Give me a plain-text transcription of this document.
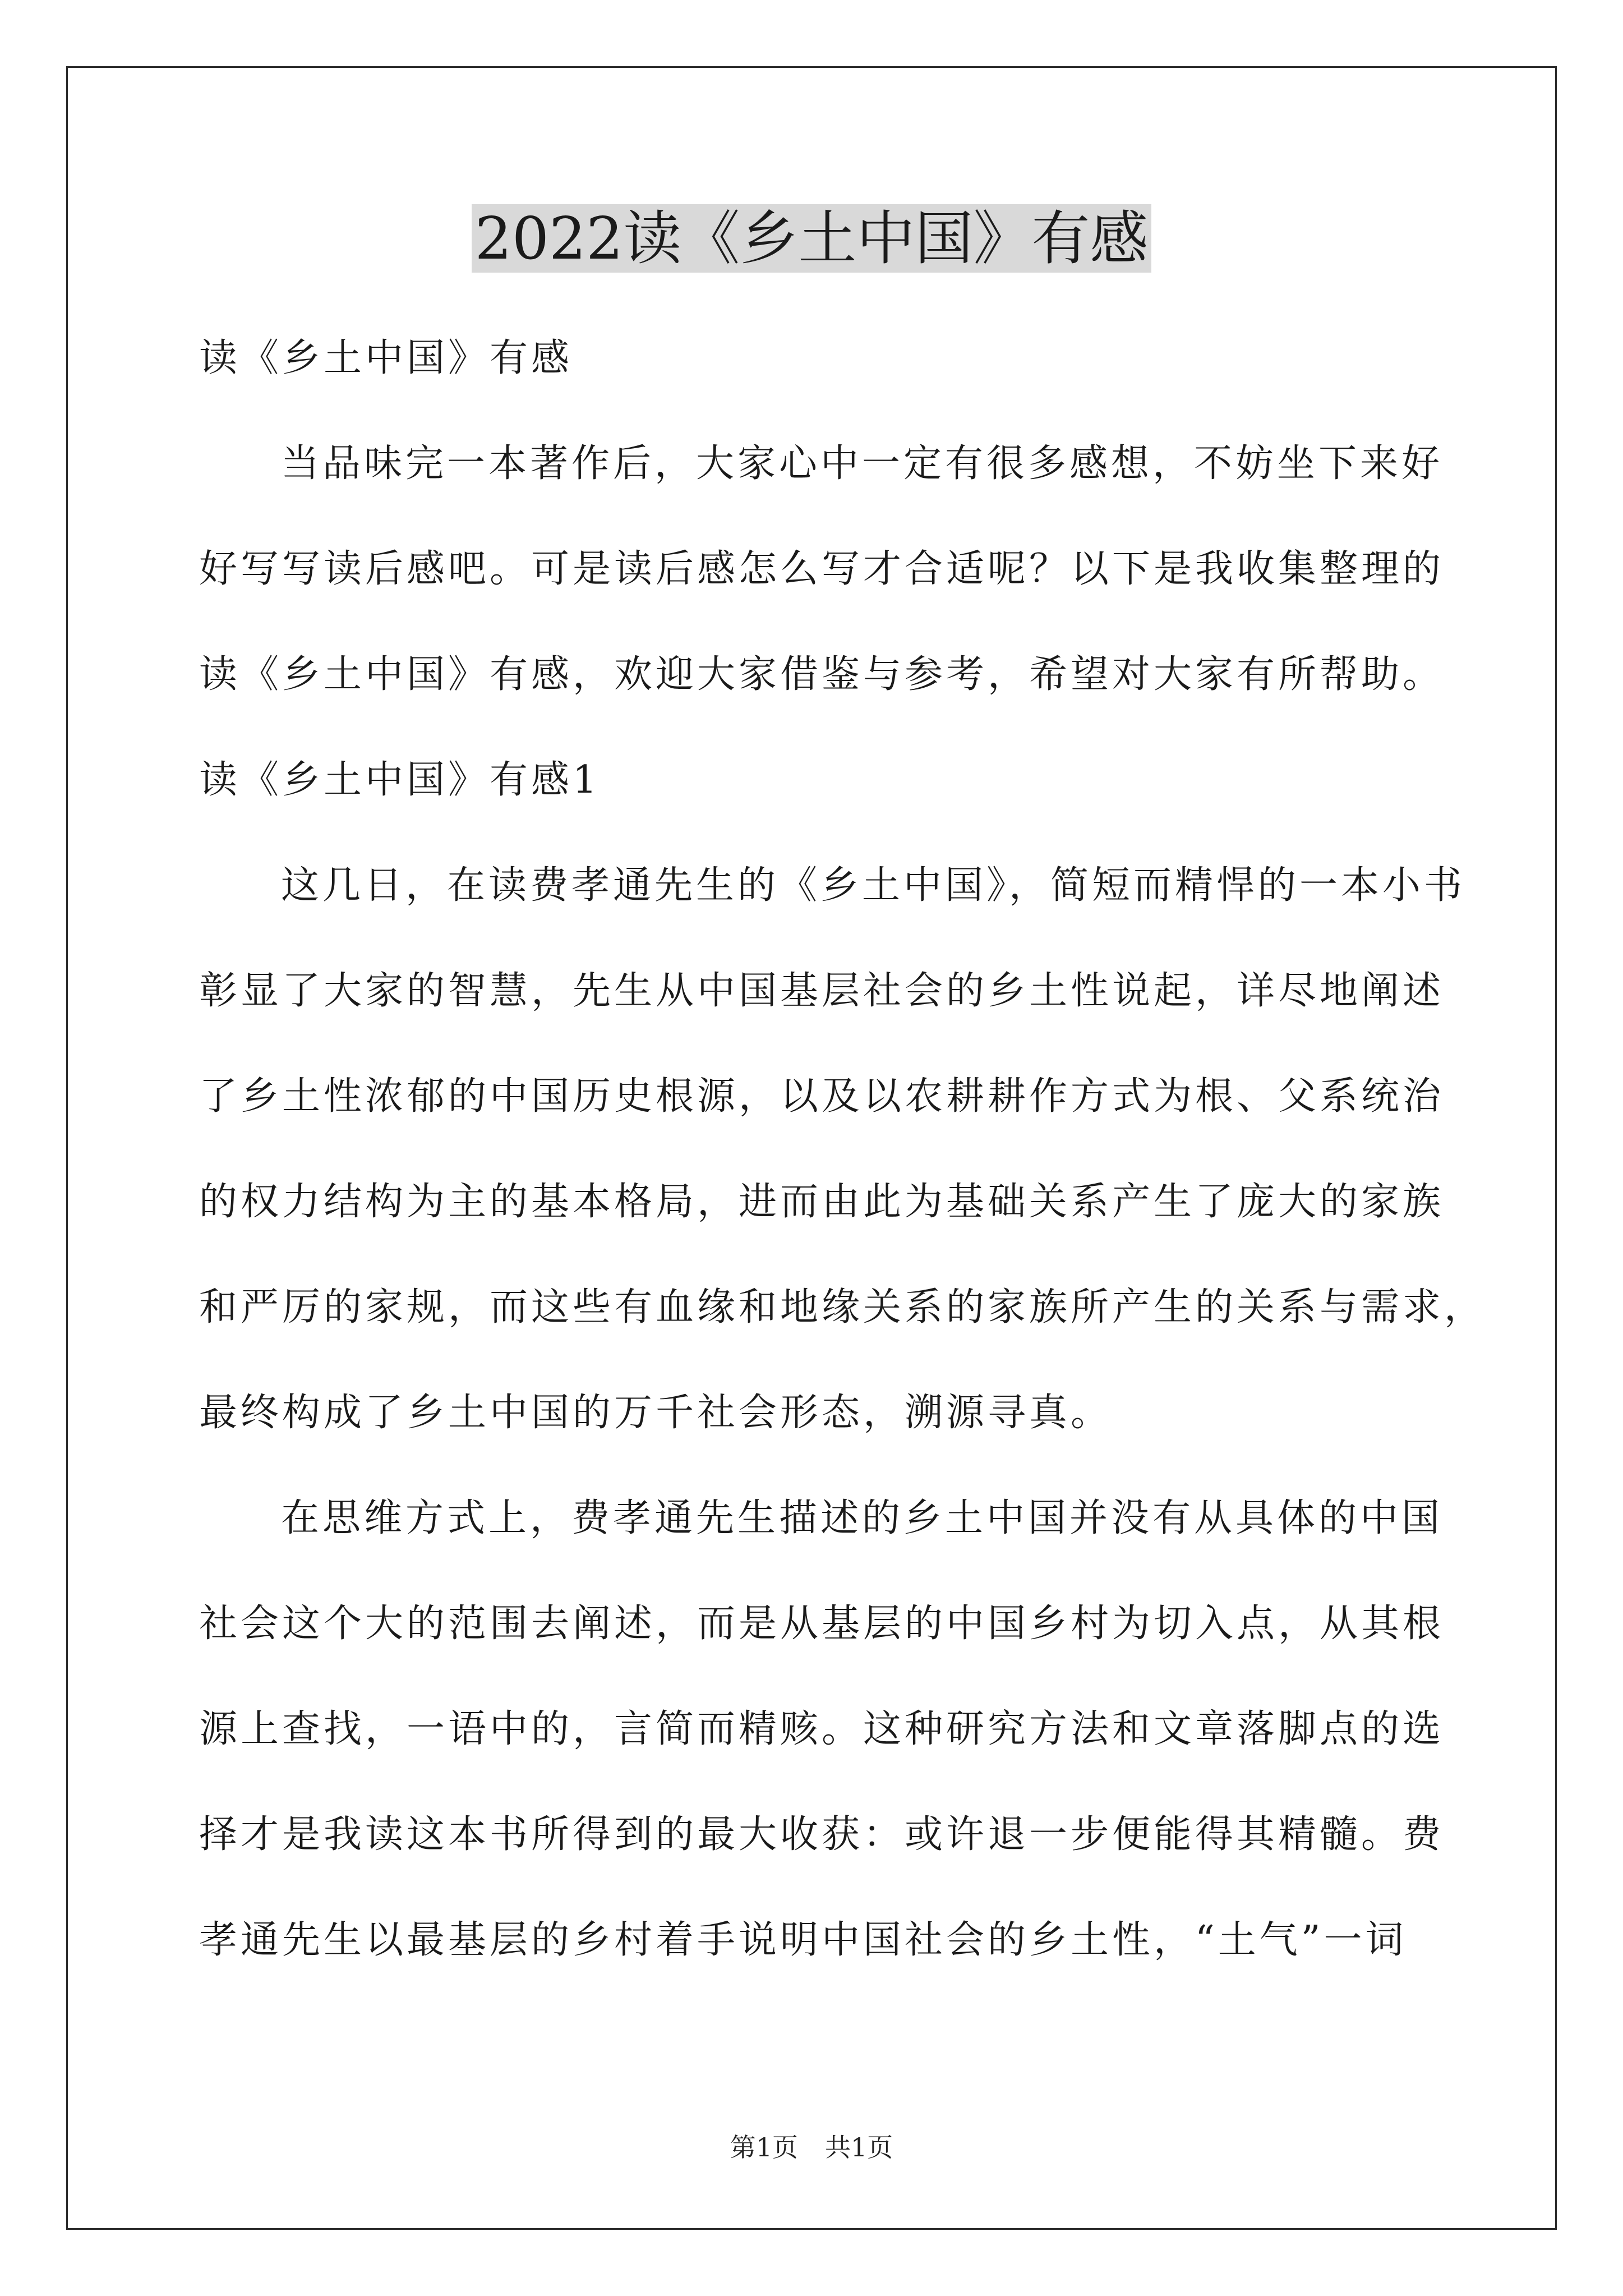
2022读《乡土中国》有感
读《乡土中国》有感
当品味完一本著作后，大家心中一定有很多感想，不妨坐下来好
好写写读后感吧。可是读后感怎么写才合适呢？以下是我收集整理的
读《乡土中国》有感，欢迎大家借鉴与参考，希望对大家有所帮助。
读《乡土中国》有感1
这几日，在读费孝通先生的《乡土中国》，简短而精悍的一本小书
彰显了大家的智慧，先生从中国基层社会的乡土性说起，详尽地阐述
了乡土性浓郁的中国历史根源，以及以农耕耕作方式为根、父系统治
的权力结构为主的基本格局，进而由此为基础关系产生了庞大的家族
和严厉的家规，而这些有血缘和地缘关系的家族所产生的关系与需求，
最终构成了乡土中国的万千社会形态，溯源寻真。
在思维方式上，费孝通先生描述的乡土中国并没有从具体的中国
社会这个大的范围去阐述，而是从基层的中国乡村为切入点，从其根
源上查找，一语中的，言简而精赅。这种研究方法和文章落脚点的选
择才是我读这本书所得到的最大收获：或许退一步便能得其精髓。费
孝通先生以最基层的乡村着手说明中国社会的乡土性，“土气”一词
第1页 共1页
